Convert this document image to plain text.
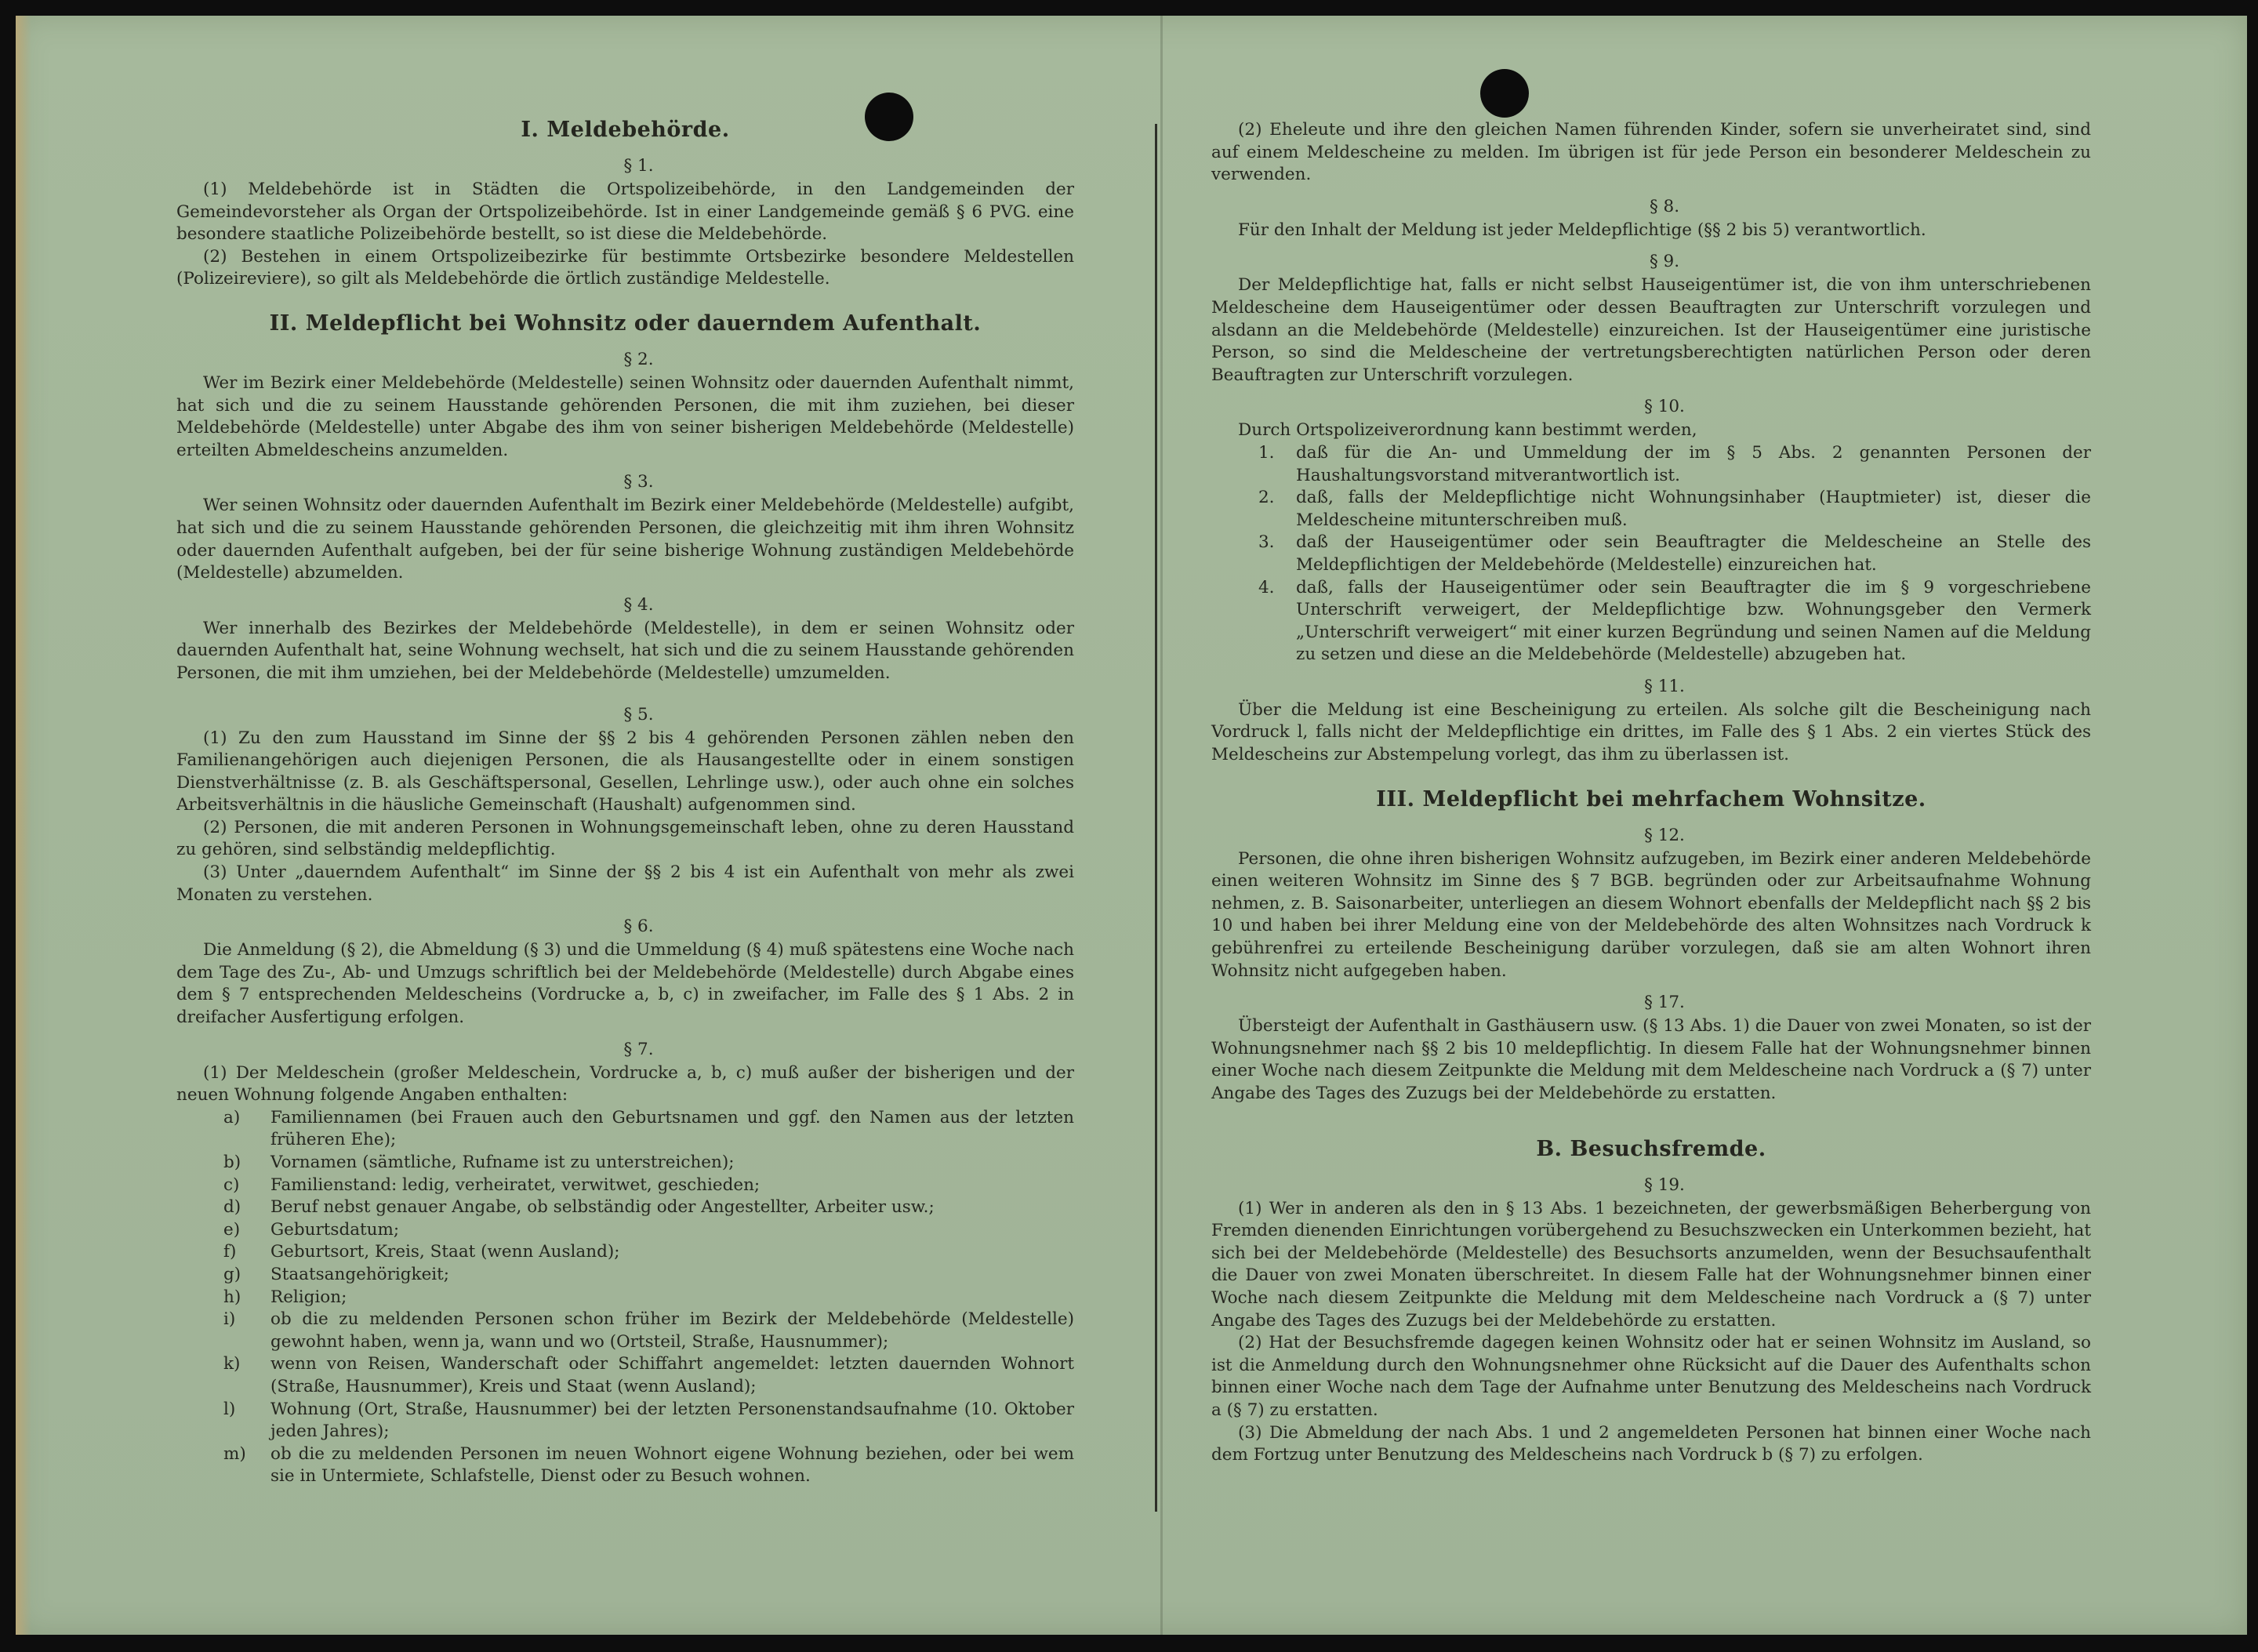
I. Meldebehörde.

§ 1.

(1) Meldebehörde ist in Städten die Ortspolizeibehörde, in den Landgemeinden der Gemeindevorsteher als Organ der Ortspolizeibehörde. Ist in einer Landgemeinde gemäß § 6 PVG. eine besondere staatliche Polizeibehörde bestellt, so ist diese die Meldebehörde.

(2) Bestehen in einem Ortspolizeibezirke für bestimmte Ortsbezirke besondere Meldestellen (Polizeireviere), so gilt als Meldebehörde die örtlich zuständige Meldestelle.

II. Meldepflicht bei Wohnsitz oder dauerndem Aufenthalt.

§ 2.

Wer im Bezirk einer Meldebehörde (Meldestelle) seinen Wohnsitz oder dauernden Aufenthalt nimmt, hat sich und die zu seinem Hausstande gehörenden Personen, die mit ihm zuziehen, bei dieser Meldebehörde (Meldestelle) unter Abgabe des ihm von seiner bisherigen Meldebehörde (Meldestelle) erteilten Abmeldescheins anzumelden.

§ 3.

Wer seinen Wohnsitz oder dauernden Aufenthalt im Bezirk einer Meldebehörde (Meldestelle) aufgibt, hat sich und die zu seinem Hausstande gehörenden Personen, die gleichzeitig mit ihm ihren Wohnsitz oder dauernden Aufenthalt aufgeben, bei der für seine bisherige Wohnung zuständigen Meldebehörde (Meldestelle) abzumelden.

§ 4.

Wer innerhalb des Bezirkes der Meldebehörde (Meldestelle), in dem er seinen Wohnsitz oder dauernden Aufenthalt hat, seine Wohnung wechselt, hat sich und die zu seinem Hausstande gehörenden Personen, die mit ihm umziehen, bei der Meldebehörde (Meldestelle) umzumelden.

§ 5.

(1) Zu den zum Hausstand im Sinne der §§ 2 bis 4 gehörenden Personen zählen neben den Familienangehörigen auch diejenigen Personen, die als Hausangestellte oder in einem sonstigen Dienstverhältnisse (z. B. als Geschäftspersonal, Gesellen, Lehrlinge usw.), oder auch ohne ein solches Arbeitsverhältnis in die häusliche Gemeinschaft (Haushalt) aufgenommen sind.

(2) Personen, die mit anderen Personen in Wohnungsgemeinschaft leben, ohne zu deren Hausstand zu gehören, sind selbständig meldepflichtig.

(3) Unter „dauerndem Aufenthalt“ im Sinne der §§ 2 bis 4 ist ein Aufenthalt von mehr als zwei Monaten zu verstehen.

§ 6.

Die Anmeldung (§ 2), die Abmeldung (§ 3) und die Ummeldung (§ 4) muß spätestens eine Woche nach dem Tage des Zu-, Ab- und Umzugs schriftlich bei der Meldebehörde (Meldestelle) durch Abgabe eines dem § 7 entsprechenden Meldescheins (Vordrucke a, b, c) in zweifacher, im Falle des § 1 Abs. 2 in dreifacher Ausfertigung erfolgen.

§ 7.

(1) Der Meldeschein (großer Meldeschein, Vordrucke a, b, c) muß außer der bisherigen und der neuen Wohnung folgende Angaben enthalten:

a)	Familiennamen (bei Frauen auch den Geburtsnamen und ggf. den Namen aus der letzten früheren Ehe);
b)	Vornamen (sämtliche, Rufname ist zu unterstreichen);
c)	Familienstand: ledig, verheiratet, verwitwet, geschieden;
d)	Beruf nebst genauer Angabe, ob selbständig oder Angestellter, Arbeiter usw.;
e)	Geburtsdatum;
f)	Geburtsort, Kreis, Staat (wenn Ausland);
g)	Staatsangehörigkeit;
h)	Religion;
i)	ob die zu meldenden Personen schon früher im Bezirk der Meldebehörde (Meldestelle) gewohnt haben, wenn ja, wann und wo (Ortsteil, Straße, Hausnummer);
k)	wenn von Reisen, Wanderschaft oder Schiffahrt angemeldet: letzten dauernden Wohnort (Straße, Hausnummer), Kreis und Staat (wenn Ausland);
l)	Wohnung (Ort, Straße, Hausnummer) bei der letzten Personenstandsaufnahme (10. Oktober jeden Jahres);
m)	ob die zu meldenden Personen im neuen Wohnort eigene Wohnung beziehen, oder bei wem sie in Untermiete, Schlafstelle, Dienst oder zu Besuch wohnen.

(2) Eheleute und ihre den gleichen Namen führenden Kinder, sofern sie unverheiratet sind, sind auf einem Meldescheine zu melden. Im übrigen ist für jede Person ein besonderer Meldeschein zu verwenden.

§ 8.

Für den Inhalt der Meldung ist jeder Meldepflichtige (§§ 2 bis 5) verantwortlich.

§ 9.

Der Meldepflichtige hat, falls er nicht selbst Hauseigentümer ist, die von ihm unterschriebenen Meldescheine dem Hauseigentümer oder dessen Beauftragten zur Unterschrift vorzulegen und alsdann an die Meldebehörde (Meldestelle) einzureichen. Ist der Hauseigentümer eine juristische Person, so sind die Meldescheine der vertretungsberechtigten natürlichen Person oder deren Beauftragten zur Unterschrift vorzulegen.

§ 10.

Durch Ortspolizeiverordnung kann bestimmt werden,

1.	daß für die An- und Ummeldung der im § 5 Abs. 2 genannten Personen der Haushaltungsvorstand mitverantwortlich ist.
2.	daß, falls der Meldepflichtige nicht Wohnungsinhaber (Hauptmieter) ist, dieser die Meldescheine mitunterschreiben muß.
3.	daß der Hauseigentümer oder sein Beauftragter die Meldescheine an Stelle des Meldepflichtigen der Meldebehörde (Meldestelle) einzureichen hat.
4.	daß, falls der Hauseigentümer oder sein Beauftragter die im § 9 vorgeschriebene Unterschrift verweigert, der Meldepflichtige bzw. Wohnungsgeber den Vermerk „Unterschrift verweigert“ mit einer kurzen Begründung und seinen Namen auf die Meldung zu setzen und diese an die Meldebehörde (Meldestelle) abzugeben hat.

§ 11.

Über die Meldung ist eine Bescheinigung zu erteilen. Als solche gilt die Bescheinigung nach Vordruck l, falls nicht der Meldepflichtige ein drittes, im Falle des § 1 Abs. 2 ein viertes Stück des Meldescheins zur Abstempelung vorlegt, das ihm zu überlassen ist.

III. Meldepflicht bei mehrfachem Wohnsitze.

§ 12.

Personen, die ohne ihren bisherigen Wohnsitz aufzugeben, im Bezirk einer anderen Meldebehörde einen weiteren Wohnsitz im Sinne des § 7 BGB. begründen oder zur Arbeitsaufnahme Wohnung nehmen, z. B. Saisonarbeiter, unterliegen an diesem Wohnort ebenfalls der Meldepflicht nach §§ 2 bis 10 und haben bei ihrer Meldung eine von der Meldebehörde des alten Wohnsitzes nach Vordruck k gebührenfrei zu erteilende Bescheinigung darüber vorzulegen, daß sie am alten Wohnort ihren Wohnsitz nicht aufgegeben haben.

§ 17.

Übersteigt der Aufenthalt in Gasthäusern usw. (§ 13 Abs. 1) die Dauer von zwei Monaten, so ist der Wohnungsnehmer nach §§ 2 bis 10 meldepflichtig. In diesem Falle hat der Wohnungsnehmer binnen einer Woche nach diesem Zeitpunkte die Meldung mit dem Meldescheine nach Vordruck a (§ 7) unter Angabe des Tages des Zuzugs bei der Meldebehörde zu erstatten.

B. Besuchsfremde.

§ 19.

(1) Wer in anderen als den in § 13 Abs. 1 bezeichneten, der gewerbsmäßigen Beherbergung von Fremden dienenden Einrichtungen vorübergehend zu Besuchszwecken ein Unterkommen bezieht, hat sich bei der Meldebehörde (Meldestelle) des Besuchsorts anzumelden, wenn der Besuchsaufenthalt die Dauer von zwei Monaten überschreitet. In diesem Falle hat der Wohnungsnehmer binnen einer Woche nach diesem Zeitpunkte die Meldung mit dem Meldescheine nach Vordruck a (§ 7) unter Angabe des Tages des Zuzugs bei der Meldebehörde zu erstatten.

(2) Hat der Besuchsfremde dagegen keinen Wohnsitz oder hat er seinen Wohnsitz im Ausland, so ist die Anmeldung durch den Wohnungsnehmer ohne Rücksicht auf die Dauer des Aufenthalts schon binnen einer Woche nach dem Tage der Aufnahme unter Benutzung des Meldescheins nach Vordruck a (§ 7) zu erstatten.

(3) Die Abmeldung der nach Abs. 1 und 2 angemeldeten Personen hat binnen einer Woche nach dem Fortzug unter Benutzung des Meldescheins nach Vordruck b (§ 7) zu erfolgen.
